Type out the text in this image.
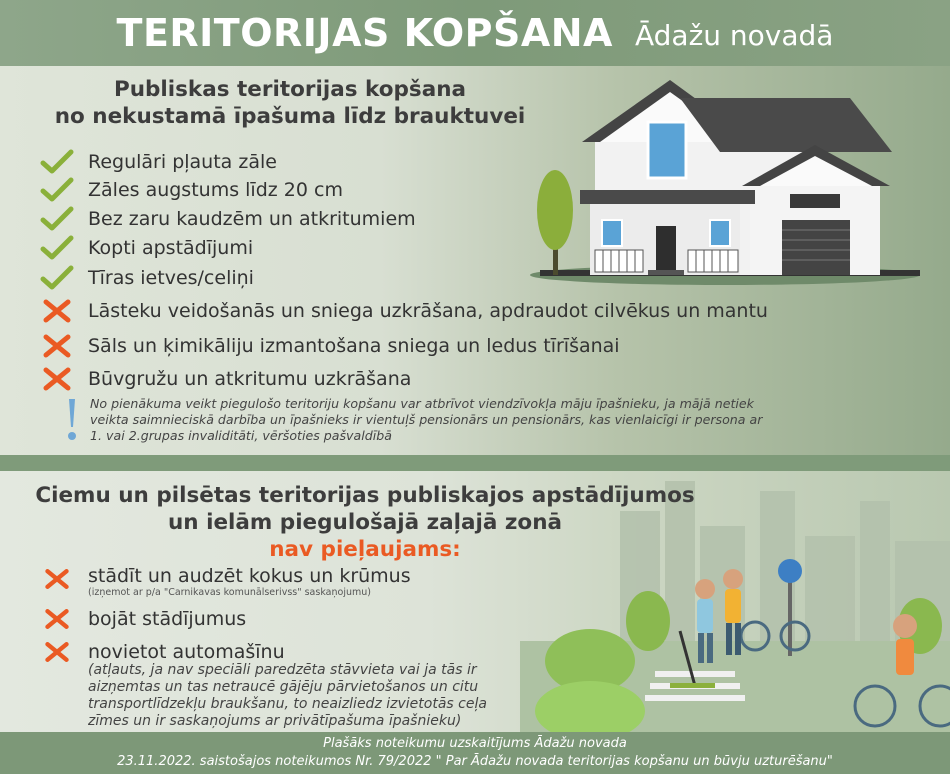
TERITORIJAS KOPŠANA Ādažu novadā
Publiskas teritorijas kopšana
no nekustamā īpašuma līdz brauktuvei
Regulāri pļauta zāle
Zāles augstums līdz 20 cm
Bez zaru kaudzēm un atkritumiem
Kopti apstādījumi
Tīras ietves/celiņi
Lāsteku veidošanās un sniega uzkrāšana, apdraudot cilvēkus un mantu
Sāls un ķimikāliju izmantošana sniega un ledus tīrīšanai
Būvgružu un atkritumu uzkrāšana
No pienākuma veikt piegulošo teritoriju kopšanu var atbrīvot viendzīvokļa māju īpašnieku, ja mājā netiek
veikta saimnieciskā darbība un īpašnieks ir vientuļš pensionārs un pensionārs, kas vienlaicīgi ir persona ar
1. vai 2.grupas invaliditāti, vēršoties pašvaldībā
Ciemu un pilsētas teritorijas publiskajos apstādījumos
un ielām piegulošajā zaļajā zonā
nav pieļaujams:
stādīt un audzēt kokus un krūmus
(izņemot ar p/a "Carnikavas komunālserivss" saskaņojumu)
bojāt stādījumus
novietot automašīnu
(atļauts, ja nav speciāli paredzēta stāvvieta vai ja tās ir
aizņemtas un tas netraucē gājēju pārvietošanos un citu
transportlīdzekļu braukšanu, to neaizliedz izvietotās ceļa
zīmes un ir saskaņojums ar privātīpašuma īpašnieku)
Plašāks noteikumu uzskaitījums Ādažu novada
23.11.2022. saistošajos noteikumos Nr. 79/2022 " Par Ādažu novada teritorijas kopšanu un būvju uzturēšanu"
